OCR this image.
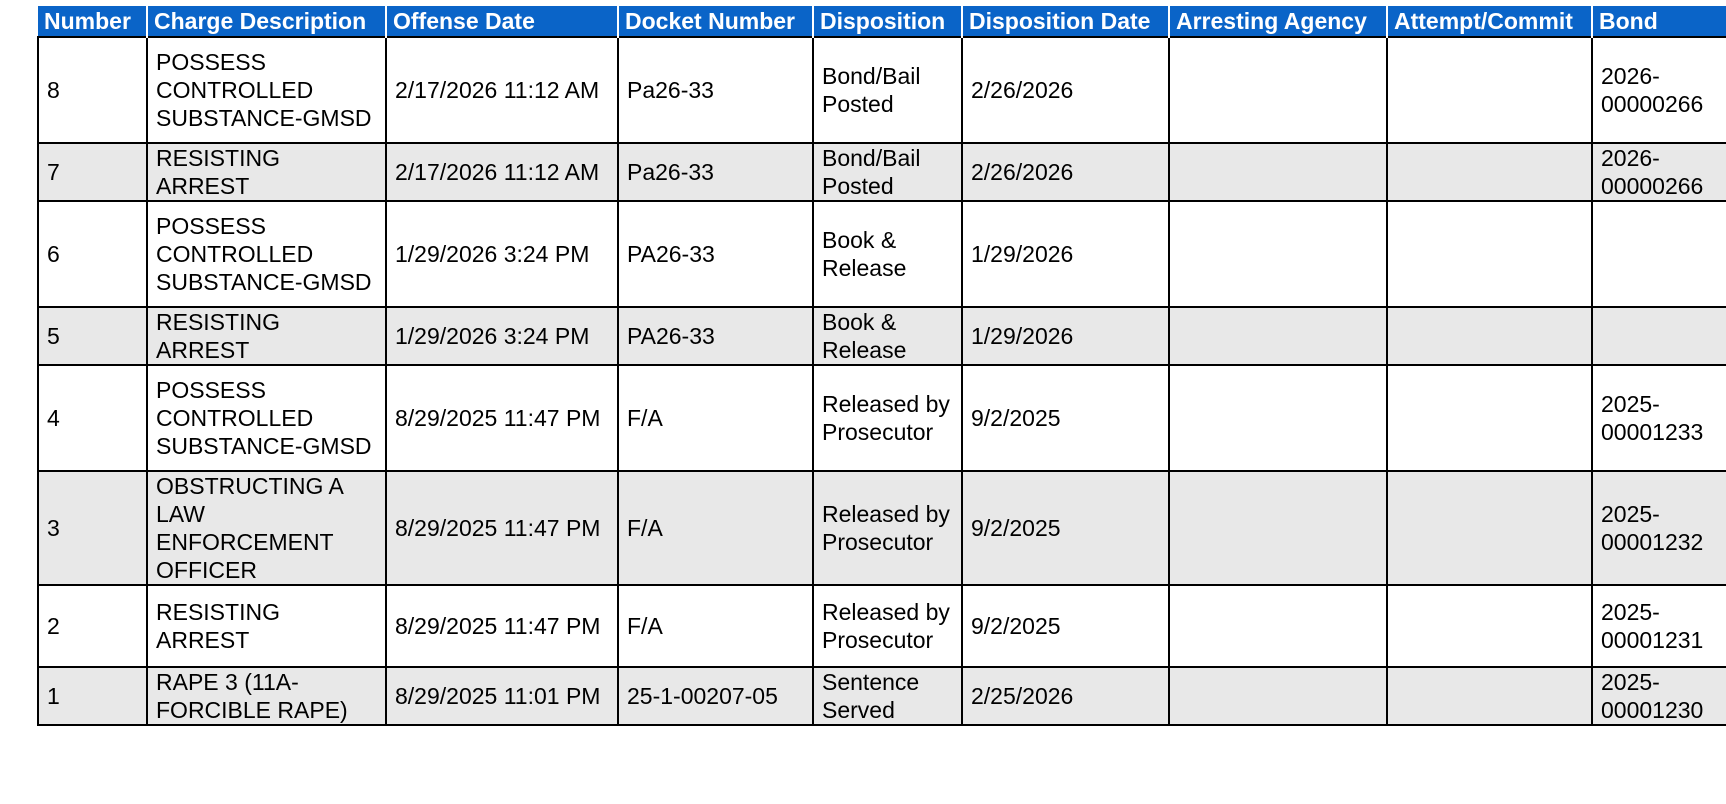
Number	Charge Description	Offense Date	Docket Number	Disposition	Disposition Date	Arresting Agency	Attempt/Commit	Bond
8	POSSESS CONTROLLED SUBSTANCE-GMSD	2/17/2026 11:12 AM	Pa26-33	Bond/Bail Posted	2/26/2026			2026-00000266
7	RESISTING ARREST	2/17/2026 11:12 AM	Pa26-33	Bond/Bail Posted	2/26/2026			2026-00000266
6	POSSESS CONTROLLED SUBSTANCE-GMSD	1/29/2026 3:24 PM	PA26-33	Book & Release	1/29/2026			
5	RESISTING ARREST	1/29/2026 3:24 PM	PA26-33	Book & Release	1/29/2026			
4	POSSESS CONTROLLED SUBSTANCE-GMSD	8/29/2025 11:47 PM	F/A	Released by Prosecutor	9/2/2025			2025-00001233
3	OBSTRUCTING A LAW ENFORCEMENT OFFICER	8/29/2025 11:47 PM	F/A	Released by Prosecutor	9/2/2025			2025-00001232
2	RESISTING ARREST	8/29/2025 11:47 PM	F/A	Released by Prosecutor	9/2/2025			2025-00001231
1	RAPE 3 (11A-FORCIBLE RAPE)	8/29/2025 11:01 PM	25-1-00207-05	Sentence Served	2/25/2026			2025-00001230
